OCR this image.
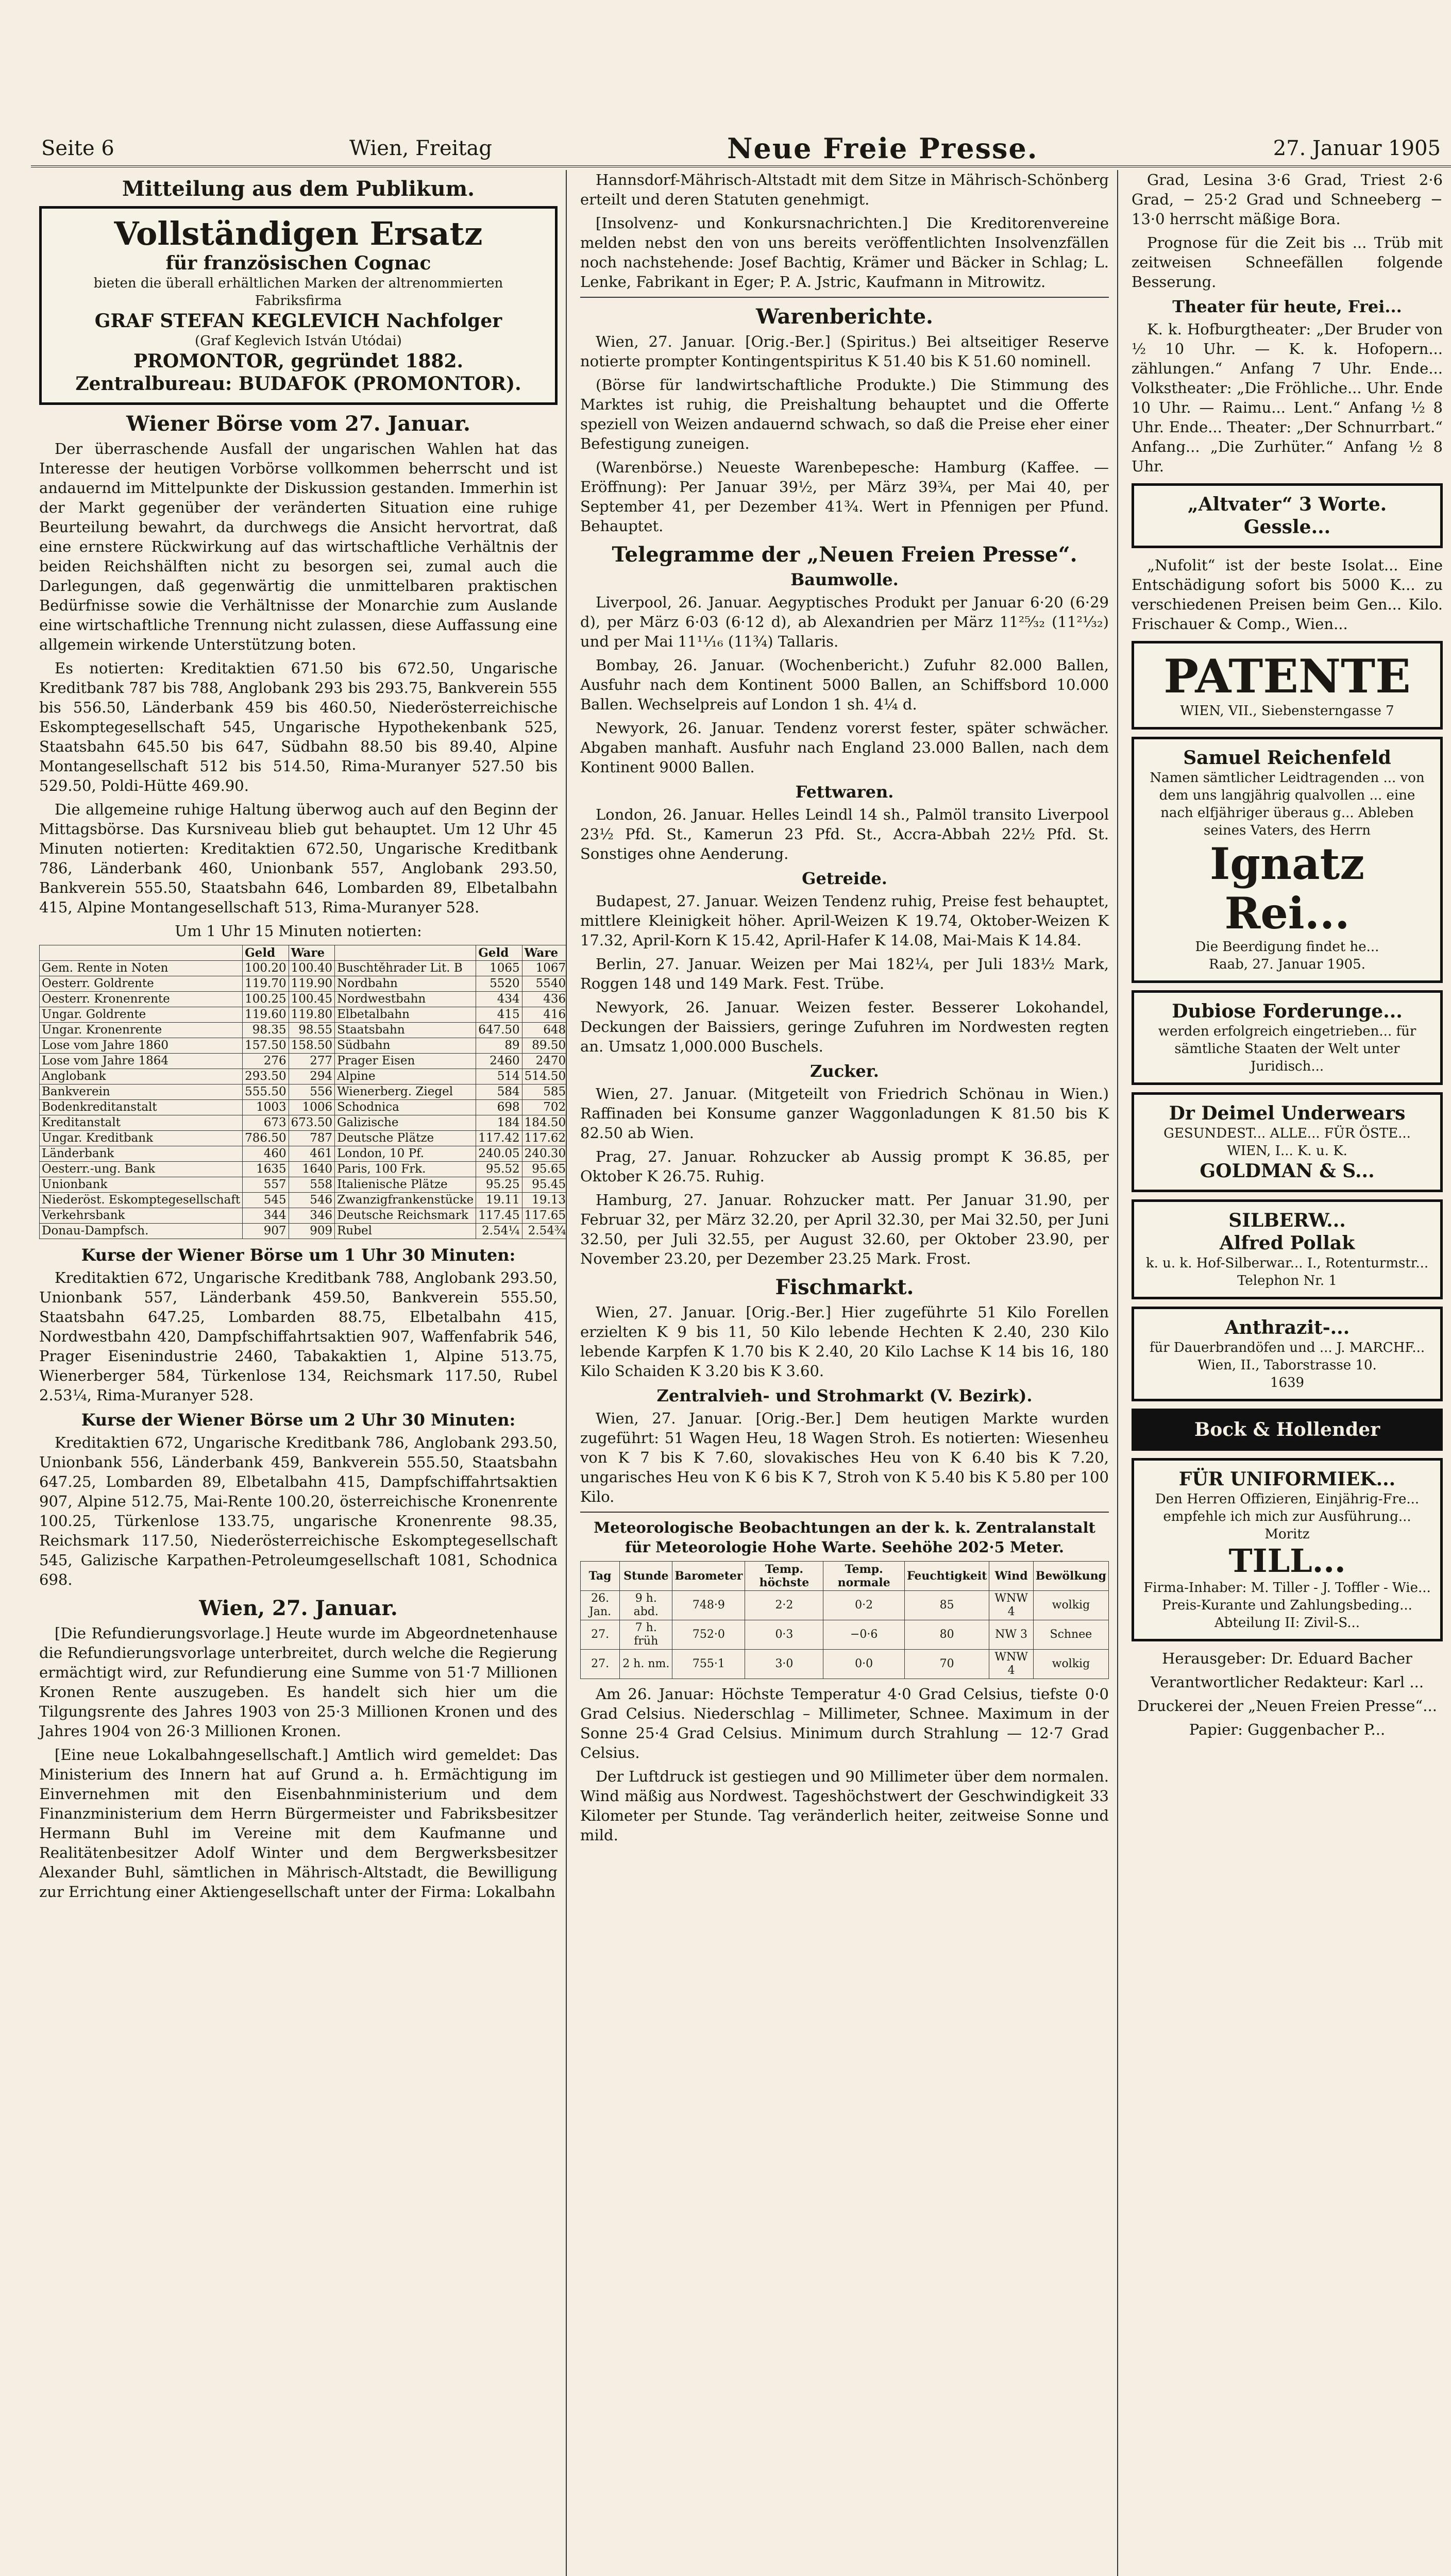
Seite 6	Wien, Freitag	Neue Freie Presse.	27. Januar 1905
Mitteilung aus dem Publikum.
Vollständigen Ersatz
für französischen Cognac
bieten die überall erhältlichen Marken der altrenommierten Fabriksfirma
GRAF STEFAN KEGLEVICH Nachfolger
(Graf Keglevich István Utódai)
PROMONTOR, gegründet 1882.
Zentralbureau: BUDAFOK (PROMONTOR).
Wiener Börse vom 27. Januar.

Der überraschende Ausfall der ungarischen Wahlen hat das Interesse der heutigen Vorbörse vollkommen beherrscht und ist andauernd im Mittelpunkte der Diskussion gestanden. Immerhin ist der Markt gegenüber der veränderten Situation eine ruhige Beurteilung bewahrt, da durchwegs die Ansicht hervortrat, daß eine ernstere Rückwirkung auf das wirtschaftliche Verhältnis der beiden Reichshälften nicht zu besorgen sei, zumal auch die Darlegungen, daß gegenwärtig die unmittelbaren praktischen Bedürfnisse sowie die Verhältnisse der Monarchie zum Auslande eine wirtschaftliche Trennung nicht zulassen, diese Auffassung eine allgemein wirkende Unterstützung boten.

Es notierten: Kreditaktien 671.50 bis 672.50, Ungarische Kreditbank 787 bis 788, Anglobank 293 bis 293.75, Bankverein 555 bis 556.50, Länderbank 459 bis 460.50, Niederösterreichische Eskomptegesellschaft 545, Ungarische Hypothekenbank 525, Staatsbahn 645.50 bis 647, Südbahn 88.50 bis 89.40, Alpine Montangesellschaft 512 bis 514.50, Rima-Muranyer 527.50 bis 529.50, Poldi-Hütte 469.90.

Die allgemeine ruhige Haltung überwog auch auf den Beginn der Mittagsbörse. Das Kursniveau blieb gut behauptet. Um 12 Uhr 45 Minuten notierten: Kreditaktien 672.50, Ungarische Kreditbank 786, Länderbank 460, Unionbank 557, Anglobank 293.50, Bankverein 555.50, Staatsbahn 646, Lombarden 89, Elbetalbahn 415, Alpine Montangesellschaft 513, Rima-Muranyer 528.

Um 1 Uhr 15 Minuten notierten:

	Geld	Ware		Geld	Ware
Gem. Rente in Noten	100.20	100.40	Buschtěhrader Lit. B	1065	1067
Oesterr. Goldrente	119.70	119.90	Nordbahn	5520	5540
Oesterr. Kronenrente	100.25	100.45	Nordwestbahn	434	436
Ungar. Goldrente	119.60	119.80	Elbetalbahn	415	416
Ungar. Kronenrente	98.35	98.55	Staatsbahn	647.50	648
Lose vom Jahre 1860	157.50	158.50	Südbahn	89	89.50
Lose vom Jahre 1864	276	277	Prager Eisen	2460	2470
Anglobank	293.50	294	Alpine	514	514.50
Bankverein	555.50	556	Wienerberg. Ziegel	584	585
Bodenkreditanstalt	1003	1006	Schodnica	698	702
Kreditanstalt	673	673.50	Galizische	184	184.50
Ungar. Kreditbank	786.50	787	Deutsche Plätze	117.42	117.62
Länderbank	460	461	London, 10 Pf.	240.05	240.30
Oesterr.-ung. Bank	1635	1640	Paris, 100 Frk.	95.52	95.65
Unionbank	557	558	Italienische Plätze	95.25	95.45
Niederöst. Eskomptegesellschaft	545	546	Zwanzigfrankenstücke	19.11	19.13
Verkehrsbank	344	346	Deutsche Reichsmark	117.45	117.65
Donau-Dampfsch.	907	909	Rubel	2.54¼	2.54¾
Kurse der Wiener Börse um 1 Uhr 30 Minuten:

Kreditaktien 672, Ungarische Kreditbank 788, Anglobank 293.50, Unionbank 557, Länderbank 459.50, Bankverein 555.50, Staatsbahn 647.25, Lombarden 88.75, Elbetalbahn 415, Nordwestbahn 420, Dampfschiffahrtsaktien 907, Waffenfabrik 546, Prager Eisenindustrie 2460, Tabakaktien 1, Alpine 513.75, Wienerberger 584, Türkenlose 134, Reichsmark 117.50, Rubel 2.53¼, Rima-Muranyer 528.

Kurse der Wiener Börse um 2 Uhr 30 Minuten:

Kreditaktien 672, Ungarische Kreditbank 786, Anglobank 293.50, Unionbank 556, Länderbank 459, Bankverein 555.50, Staatsbahn 647.25, Lombarden 89, Elbetalbahn 415, Dampfschiffahrtsaktien 907, Alpine 512.75, Mai-Rente 100.20, österreichische Kronenrente 100.25, Türkenlose 133.75, ungarische Kronenrente 98.35, Reichsmark 117.50, Niederösterreichische Eskomptegesellschaft 545, Galizische Karpathen-Petroleumgesellschaft 1081, Schodnica 698.

Wien, 27. Januar.

[Die Refundierungsvorlage.] Heute wurde im Abgeordnetenhause die Refundierungsvorlage unterbreitet, durch welche die Regierung ermächtigt wird, zur Refundierung eine Summe von 51·7 Millionen Kronen Rente auszugeben. Es handelt sich hier um die Tilgungsrente des Jahres 1903 von 25·3 Millionen Kronen und des Jahres 1904 von 26·3 Millionen Kronen.

[Eine neue Lokalbahngesellschaft.] Amtlich wird gemeldet: Das Ministerium des Innern hat auf Grund a. h. Ermächtigung im Einvernehmen mit den Eisenbahnministerium und dem Finanzministerium dem Herrn Bürgermeister und Fabriksbesitzer Hermann Buhl im Vereine mit dem Kaufmanne und Realitätenbesitzer Adolf Winter und dem Bergwerksbesitzer Alexander Buhl, sämtlichen in Mährisch-Altstadt, die Bewilligung zur Errichtung einer Aktiengesellschaft unter der Firma: Lokalbahn

Hannsdorf-Mährisch-Altstadt mit dem Sitze in Mährisch-Schönberg erteilt und deren Statuten genehmigt.

[Insolvenz- und Konkursnachrichten.] Die Kreditorenvereine melden nebst den von uns bereits veröffentlichten Insolvenzfällen noch nachstehende: Josef Bachtig, Krämer und Bäcker in Schlag; L. Lenke, Fabrikant in Eger; P. A. Jstric, Kaufmann in Mitrowitz.

Warenberichte.

Wien, 27. Januar. [Orig.-Ber.] (Spiritus.) Bei altseitiger Reserve notierte prompter Kontingentspiritus K 51.40 bis K 51.60 nominell.

(Börse für landwirtschaftliche Produkte.) Die Stimmung des Marktes ist ruhig, die Preishaltung behauptet und die Offerte speziell von Weizen andauernd schwach, so daß die Preise eher einer Befestigung zuneigen.

(Warenbörse.) Neueste Warenbepesche: Hamburg (Kaffee. — Eröffnung): Per Januar 39½, per März 39¾, per Mai 40, per September 41, per Dezember 41¾. Wert in Pfennigen per Pfund. Behauptet.

Telegramme der „Neuen Freien Presse“.
Baumwolle.

Liverpool, 26. Januar. Aegyptisches Produkt per Januar 6·20 (6·29 d), per März 6·03 (6·12 d), ab Alexandrien per März 11²⁵⁄₃₂ (11²¹⁄₃₂) und per Mai 11¹¹⁄₁₆ (11¾) Tallaris.

Bombay, 26. Januar. (Wochenbericht.) Zufuhr 82.000 Ballen, Ausfuhr nach dem Kontinent 5000 Ballen, an Schiffsbord 10.000 Ballen. Wechselpreis auf London 1 sh. 4¼ d.

Newyork, 26. Januar. Tendenz vorerst fester, später schwächer. Abgaben manhaft. Ausfuhr nach England 23.000 Ballen, nach dem Kontinent 9000 Ballen.

Fettwaren.

London, 26. Januar. Helles Leindl 14 sh., Palmöl transito Liverpool 23½ Pfd. St., Kamerun 23 Pfd. St., Accra-Abbah 22½ Pfd. St. Sonstiges ohne Aenderung.

Getreide.

Budapest, 27. Januar. Weizen Tendenz ruhig, Preise fest behauptet, mittlere Kleinigkeit höher. April-Weizen K 19.74, Oktober-Weizen K 17.32, April-Korn K 15.42, April-Hafer K 14.08, Mai-Mais K 14.84.

Berlin, 27. Januar. Weizen per Mai 182¼, per Juli 183½ Mark, Roggen 148 und 149 Mark. Fest. Trübe.

Newyork, 26. Januar. Weizen fester. Besserer Lokohandel, Deckungen der Baissiers, geringe Zufuhren im Nordwesten regten an. Umsatz 1,000.000 Buschels.

Zucker.

Wien, 27. Januar. (Mitgeteilt von Friedrich Schönau in Wien.) Raffinaden bei Konsume ganzer Waggonladungen K 81.50 bis K 82.50 ab Wien.

Prag, 27. Januar. Rohzucker ab Aussig prompt K 36.85, per Oktober K 26.75. Ruhig.

Hamburg, 27. Januar. Rohzucker matt. Per Januar 31.90, per Februar 32, per März 32.20, per April 32.30, per Mai 32.50, per Juni 32.50, per Juli 32.55, per August 32.60, per Oktober 23.90, per November 23.20, per Dezember 23.25 Mark. Frost.

Fischmarkt.

Wien, 27. Januar. [Orig.-Ber.] Hier zugeführte 51 Kilo Forellen erzielten K 9 bis 11, 50 Kilo lebende Hechten K 2.40, 230 Kilo lebende Karpfen K 1.70 bis K 2.40, 20 Kilo Lachse K 14 bis 16, 180 Kilo Schaiden K 3.20 bis K 3.60.

Zentralvieh- und Strohmarkt (V. Bezirk).

Wien, 27. Januar. [Orig.-Ber.] Dem heutigen Markte wurden zugeführt: 51 Wagen Heu, 18 Wagen Stroh. Es notierten: Wiesenheu von K 7 bis K 7.60, slovakisches Heu von K 6.40 bis K 7.20, ungarisches Heu von K 6 bis K 7, Stroh von K 5.40 bis K 5.80 per 100 Kilo.

Meteorologische Beobachtungen an der k. k. Zentralanstalt für Meteorologie Hohe Warte. Seehöhe 202·5 Meter.

Tag	Stunde	Barometer	Temp. höchste	Temp. normale	Feuchtigkeit	Wind	Bewölkung
26. Jan.	9 h. abd.	748·9	2·2	0·2	85	WNW 4	wolkig
27.	7 h. früh	752·0	0·3	−0·6	80	NW 3	Schnee
27.	2 h. nm.	755·1	3·0	0·0	70	WNW 4	wolkig

Am 26. Januar: Höchste Temperatur 4·0 Grad Celsius, tiefste 0·0 Grad Celsius. Niederschlag – Millimeter, Schnee. Maximum in der Sonne 25·4 Grad Celsius. Minimum durch Strahlung — 12·7 Grad Celsius.

Der Luftdruck ist gestiegen und 90 Millimeter über dem normalen. Wind mäßig aus Nordwest. Tageshöchstwert der Geschwindigkeit 33 Kilometer per Stunde. Tag veränderlich heiter, zeitweise Sonne und mild.

Grad, Lesina 3·6 Grad, Triest 2·6 Grad, − 25·2 Grad und Schneeberg − 13·0 herrscht mäßige Bora.

Prognose für die Zeit bis ... Trüb mit zeitweisen Schneefällen folgende Besserung.

Theater für heute, Frei...

K. k. Hofburgtheater: „Der Bruder von ½ 10 Uhr. — K. k. Hofopern... zählungen.“ Anfang 7 Uhr. Ende... Volkstheater: „Die Fröhliche... Uhr. Ende 10 Uhr. — Raimu... Lent.“ Anfang ½ 8 Uhr. Ende... Theater: „Der Schnurrbart.“ Anfang... „Die Zurhüter.“ Anfang ½ 8 Uhr.

„Altvater“ 3 Worte. Gessle...

„Nufolit“ ist der beste Isolat... Eine Entschädigung sofort bis 5000 K... zu verschiedenen Preisen beim Gen... Kilo. Frischauer & Comp., Wien...

PATENTE
WIEN, VII., Siebensterngasse 7
Samuel Reichenfeld
Namen sämtlicher Leidtragenden ... von dem uns langjährig qualvollen ... eine nach elfjähriger überaus g... Ableben seines Vaters, des Herrn
Ignatz Rei...
Die Beerdigung findet he...
Raab, 27. Januar 1905.
Dubiose Forderunge...
werden erfolgreich eingetrieben... für sämtliche Staaten der Welt unter Juridisch...
Dr Deimel Underwears
GESUNDEST... ALLE... FÜR ÖSTE... WIEN, I... K. u. K.
GOLDMAN & S...
SILBERW...
Alfred Pollak
k. u. k. Hof-Silberwar... I., Rotenturmstr... Telephon Nr. 1
Anthrazit-...
für Dauerbrandöfen und ... J. MARCHF... Wien, II., Taborstrasse 10.
1639
Bock & Hollender
FÜR UNIFORMIEK...
Den Herren Offizieren, Einjährig-Fre... empfehle ich mich zur Ausführung...
Moritz
TILL...
Firma-Inhaber: M. Tiller - J. Toffler - Wie... Preis-Kurante und Zahlungsbeding... Abteilung II: Zivil-S...

Herausgeber: Dr. Eduard Bacher

Verantwortlicher Redakteur: Karl ...

Druckerei der „Neuen Freien Presse“...

Papier: Guggenbacher P...
